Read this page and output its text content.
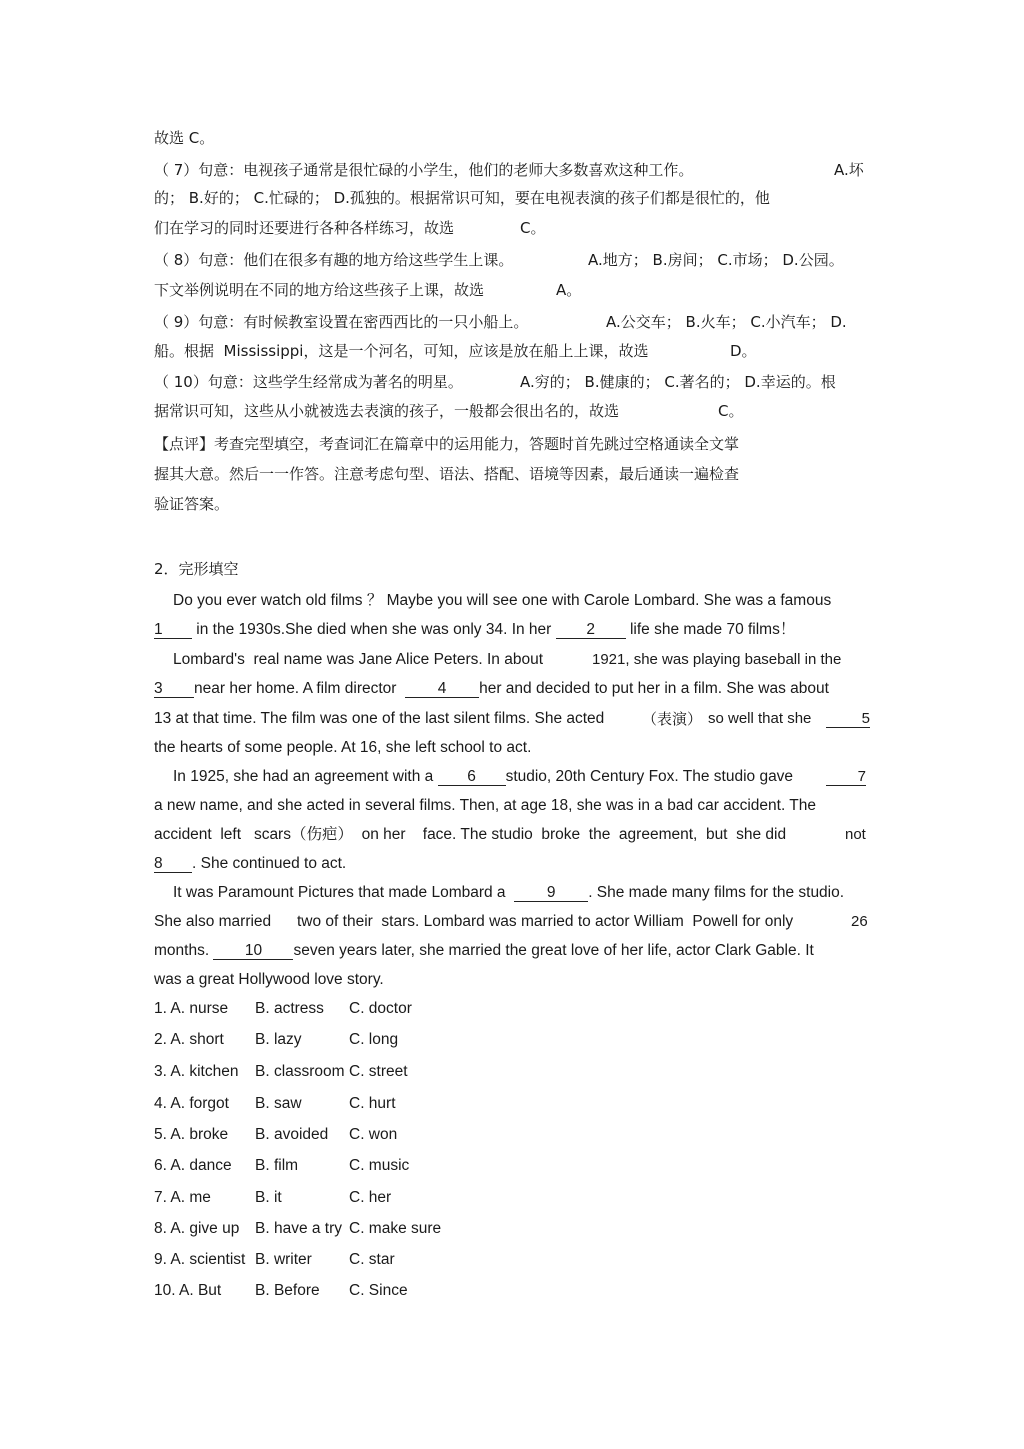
故选 C。
（ 7）句意：电视孩子通常是很忙碌的小学生，他们的老师大多数喜欢这种工作。	A.坏
的； B.好的； C.忙碌的； D.孤独的。根据常识可知，要在电视表演的孩子们都是很忙的，他
们在学习的同时还要进行各种各样练习，故选	C。
（ 8）句意：他们在很多有趣的地方给这些学生上课。	A.地方； B.房间； C.市场； D.公园。
下文举例说明在不同的地方给这些孩子上课，故选	A。
（ 9）句意：有时候教室设置在密西西比的一只小船上。	A.公交车； B.火车； C.小汽车； D.
船。根据  Mississippi，这是一个河名，可知，应该是放在船上上课，故选	D。
（ 10）句意：这些学生经常成为著名的明星。	A.穷的； B.健康的； C.著名的； D.幸运的。根
据常识可知，这些从小就被选去表演的孩子，一般都会很出名的，故选	C。
【点评】考查完型填空，考查词汇在篇章中的运用能力，答题时首先跳过空格通读全文掌
握其大意。然后一一作答。注意考虑句型、语法、搭配、语境等因素，最后通读一遍检查
验证答案。
2．完形填空
Do you ever watch old films ？ Maybe you will see one with Carole Lombard. She was a famous
1 in the 1930s.She died when she was only 34. In her 2 life she made 70 films！
Lombard's  real name was Jane Alice Peters. In about	1921, she was playing baseball in the
3 near her home. A film director	4 her and decided to put her in a film. She was about
13 at that time. The film was one of the last silent films. She acted	（表演） so well that she	5
the hearts of some people. At 16, she left school to act.
In 1925, she had an agreement with a 6 studio, 20th Century Fox. The studio gave	7
a new name, and she acted in several films. Then, at age 18, she was in a bad car accident. The
accident  left   scars（伤疤）  on her    face. The studio  broke  the  agreement,  but  she did	not
8 . She continued to act.
It was Paramount Pictures that made Lombard a	9 . She made many films for the studio.
She also married      two of their  stars. Lombard was married to actor William  Powell for only	26
months. 10 seven years later, she married the great love of her life, actor Clark Gable. It
was a great Hollywood love story.
1. A. nurse B. actress C. doctor
2. A. short B. lazy	C. long
3. A. kitchen B. classroom C. street
4. A. forgot B. saw	C. hurt
5. A. broke B. avoided C. won
6. A. dance B. film	C. music
7. A. me	B. it	C. her
8. A. give up B. have a try C. make sure
9. A. scientist B. writer C. star
10. A. But B. Before C. Since
